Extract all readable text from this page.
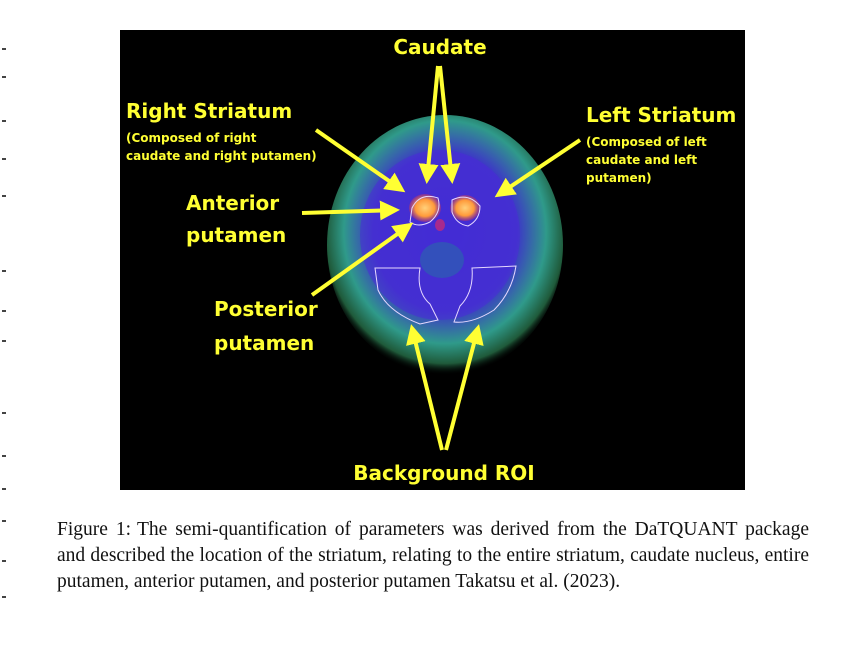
Caudate
Right Striatum
(Composed of right
caudate and right putamen)
Left Striatum
(Composed of left
caudate and left
putamen)
Anterior
putamen
Posterior
putamen
Background ROI

Figure 1: The semi-quantification of parameters was derived from the DaTQUANT package and described the location of the striatum, relating to the entire striatum, caudate nucleus, entire putamen, anterior putamen, and posterior putamen Takatsu et al. (2023).
